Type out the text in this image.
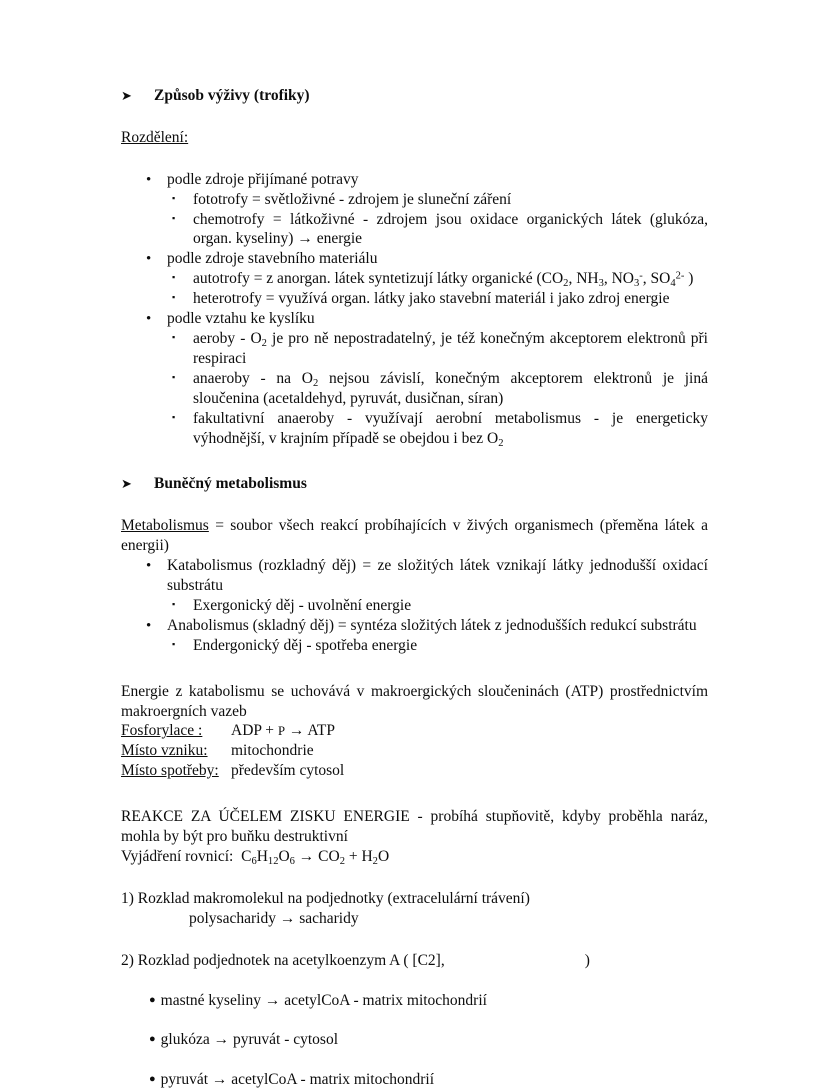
➤	Způsob výživy (trofiky)
Rozdělení:
•	podle zdroje přijímané potravy
▪	fototrofy = světloživné - zdrojem je sluneční záření
▪	chemotrofy = látkoživné - zdrojem jsou oxidace organických látek (glukóza, organ. kyseliny) → energie
•	podle zdroje stavebního materiálu
▪	autotrofy = z anorgan. látek syntetizují látky organické ($CO_2$, $NH_3$, $NO_3^-$, $SO_4^{2-}$ )
▪	heterotrofy = využívá organ. látky jako stavební materiál i jako zdroj energie
•	podle vztahu ke kyslíku
▪	aeroby - $O_2$ je pro ně nepostradatelný, je též konečným akceptorem elektronů při respiraci
▪	anaeroby - na $O_2$ nejsou závislí, konečným akceptorem elektronů je jiná sloučenina (acetaldehyd, pyruvát, dusičnan, síran)
▪	fakultativní anaeroby - využívají aerobní metabolismus - je energeticky výhodnější, v krajním případě se obejdou i bez $O_2$
➤	Buněčný metabolismus
Metabolismus = soubor všech reakcí probíhajících v živých organismech (přeměna látek a energii)
•	Katabolismus (rozkladný děj) = ze složitých látek vznikají látky jednodušší oxidací substrátu
▪	Exergonický děj - uvolnění energie
•	Anabolismus (skladný děj) = syntéza složitých látek z jednodušších redukcí substrátu
▪	Endergonický děj - spotřeba energie
Energie z katabolismu se uchovává v makroergických sloučeninách (ATP) prostřednictvím makroergních vazeb
Fosforylace :	ADP + P → ATP
Místo vzniku:	mitochondrie
Místo spotřeby: především cytosol
REAKCE ZA ÚČELEM ZISKU ENERGIE - probíhá stupňovitě, kdyby proběhla naráz, mohla by být pro buňku destruktivní
Vyjádření rovnicí:  $C_6H_{12}O_6 \to CO_2 + H_2O$
1) Rozklad makromolekul na podjednotky (extracelulární trávení)
polysacharidy → sacharidy
2) Rozklad podjednotek na acetylkoenzym A ( [C2],	)
● mastné kyseliny → acetylCoA - matrix mitochondrií
● glukóza → pyruvát - cytosol
● pyruvát → acetylCoA - matrix mitochondrií
